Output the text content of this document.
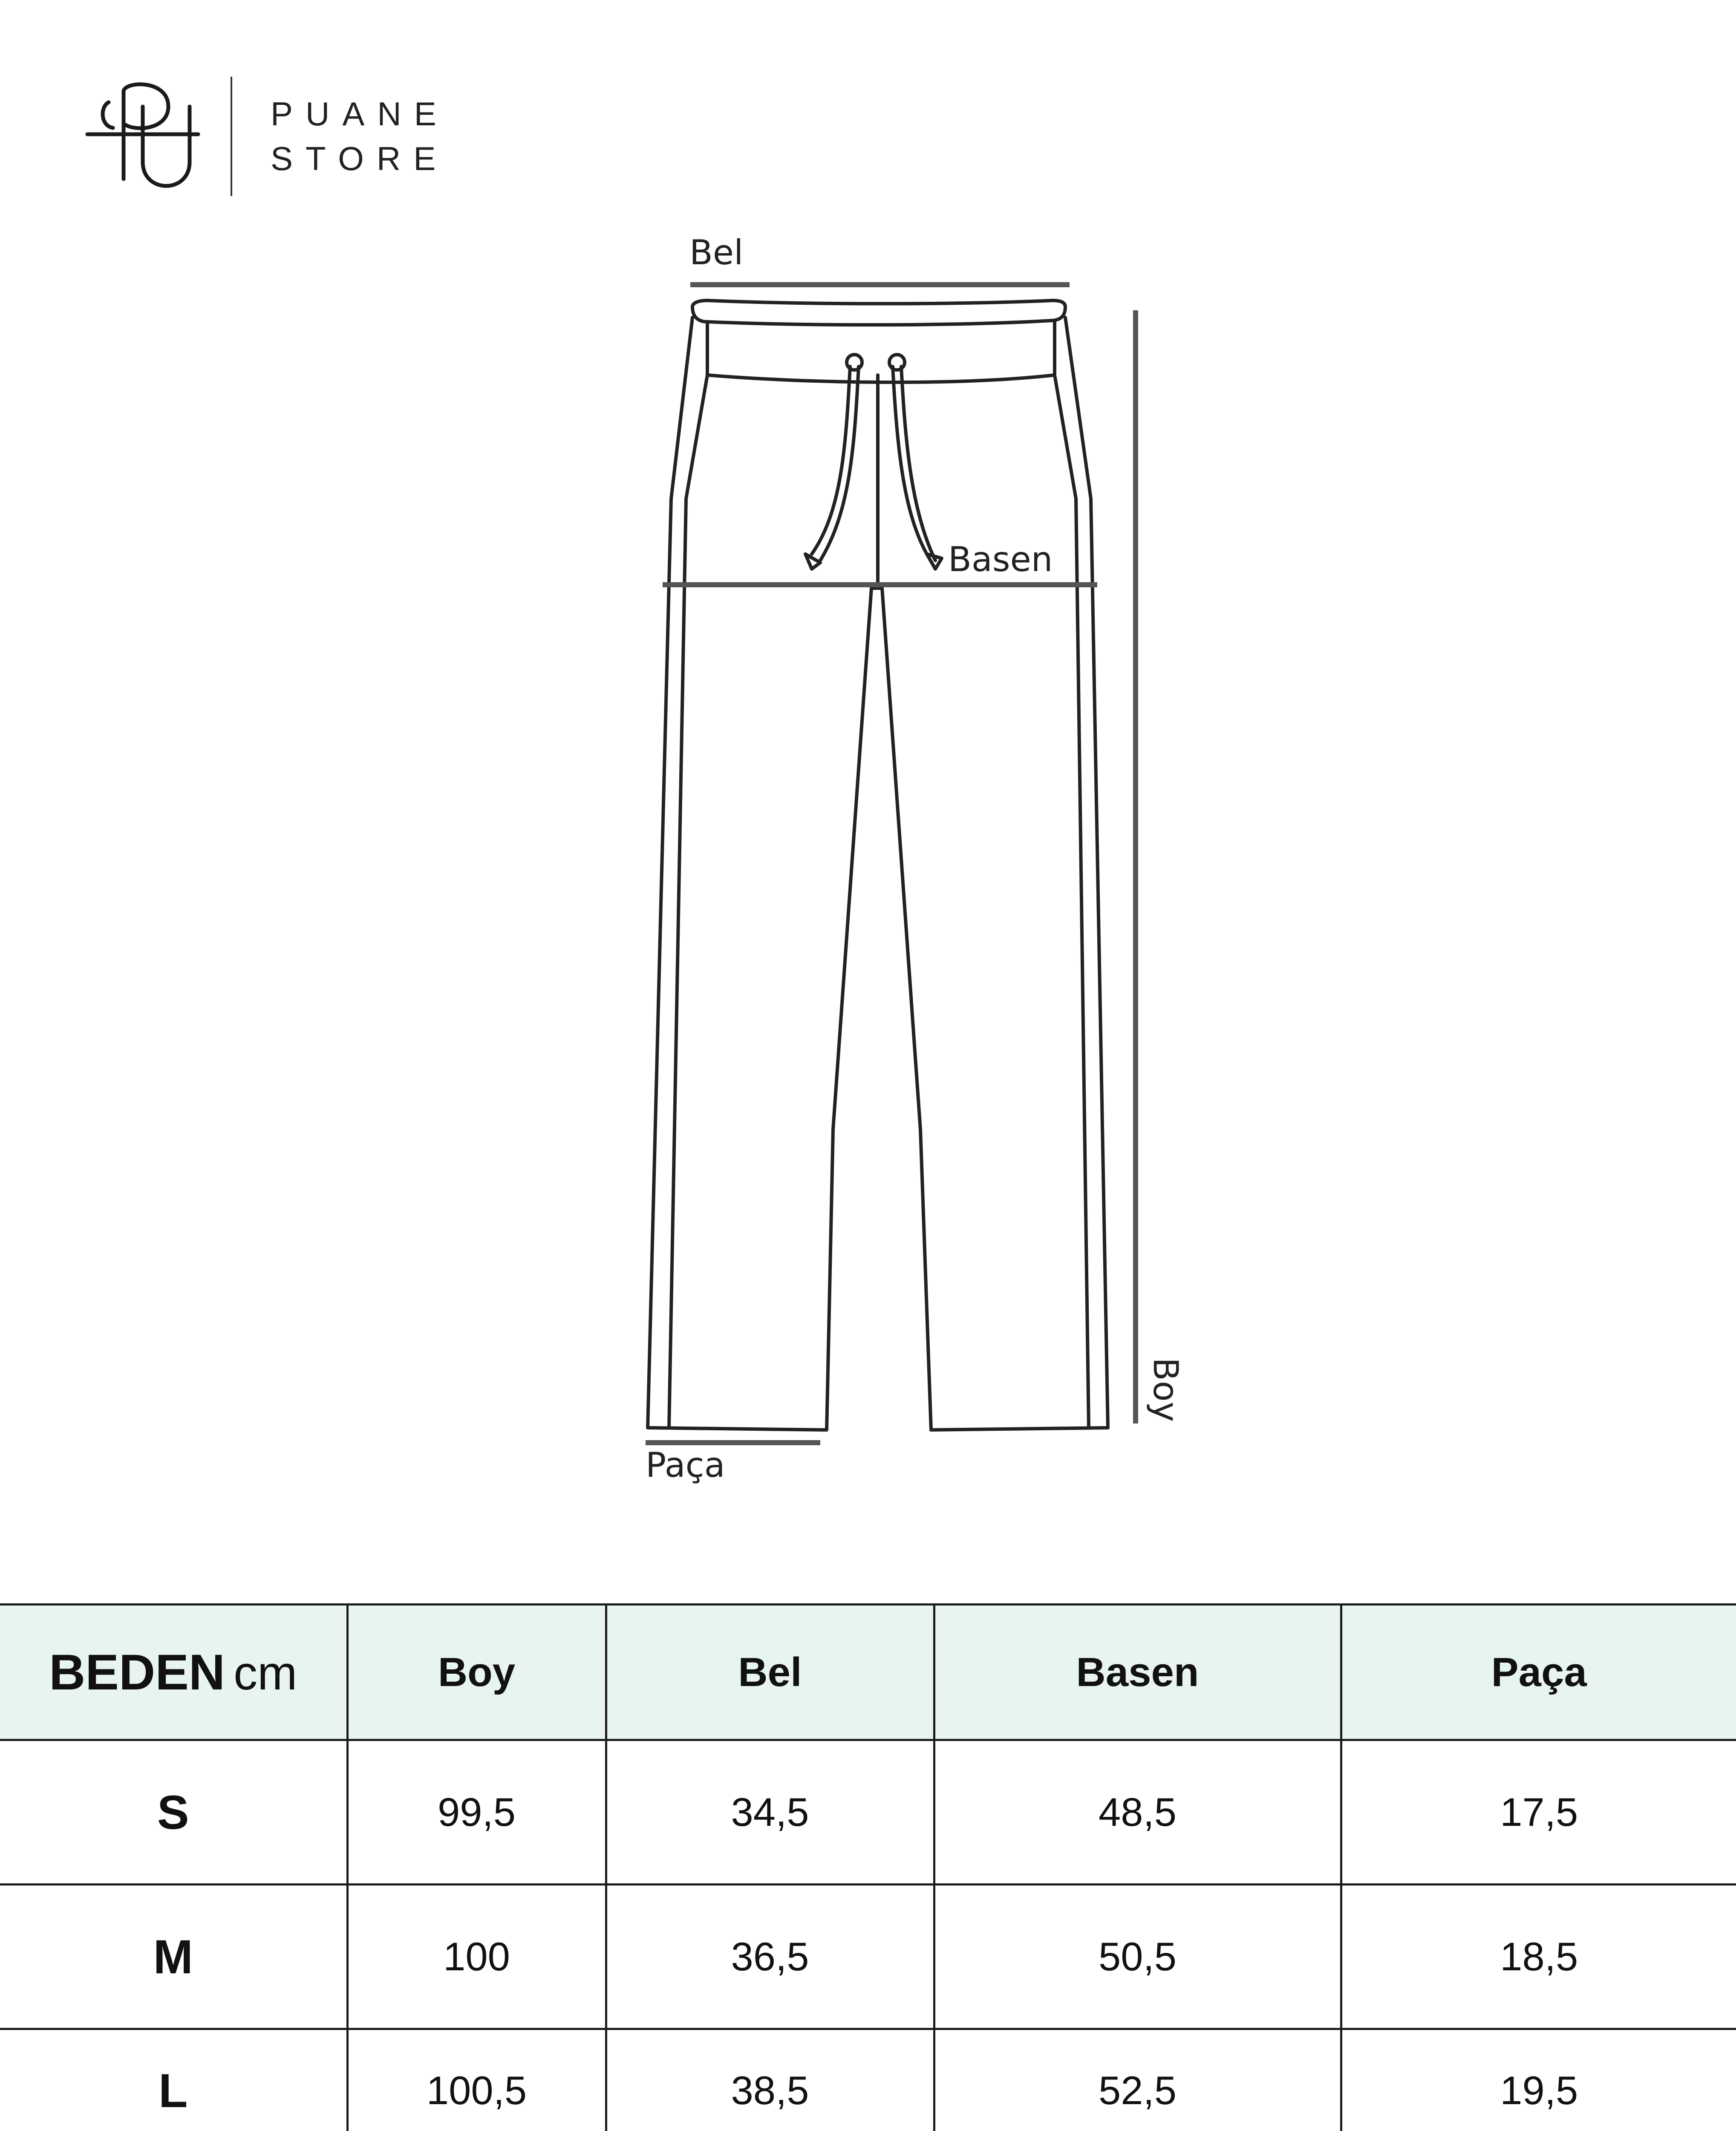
PUANE
STORE
Bel
Basen
Paça
Boy
BEDEN cm	Boy	Bel	Basen	Paça
S	99,5	34,5	48,5	17,5
M	100	36,5	50,5	18,5
L	100,5	38,5	52,5	19,5
